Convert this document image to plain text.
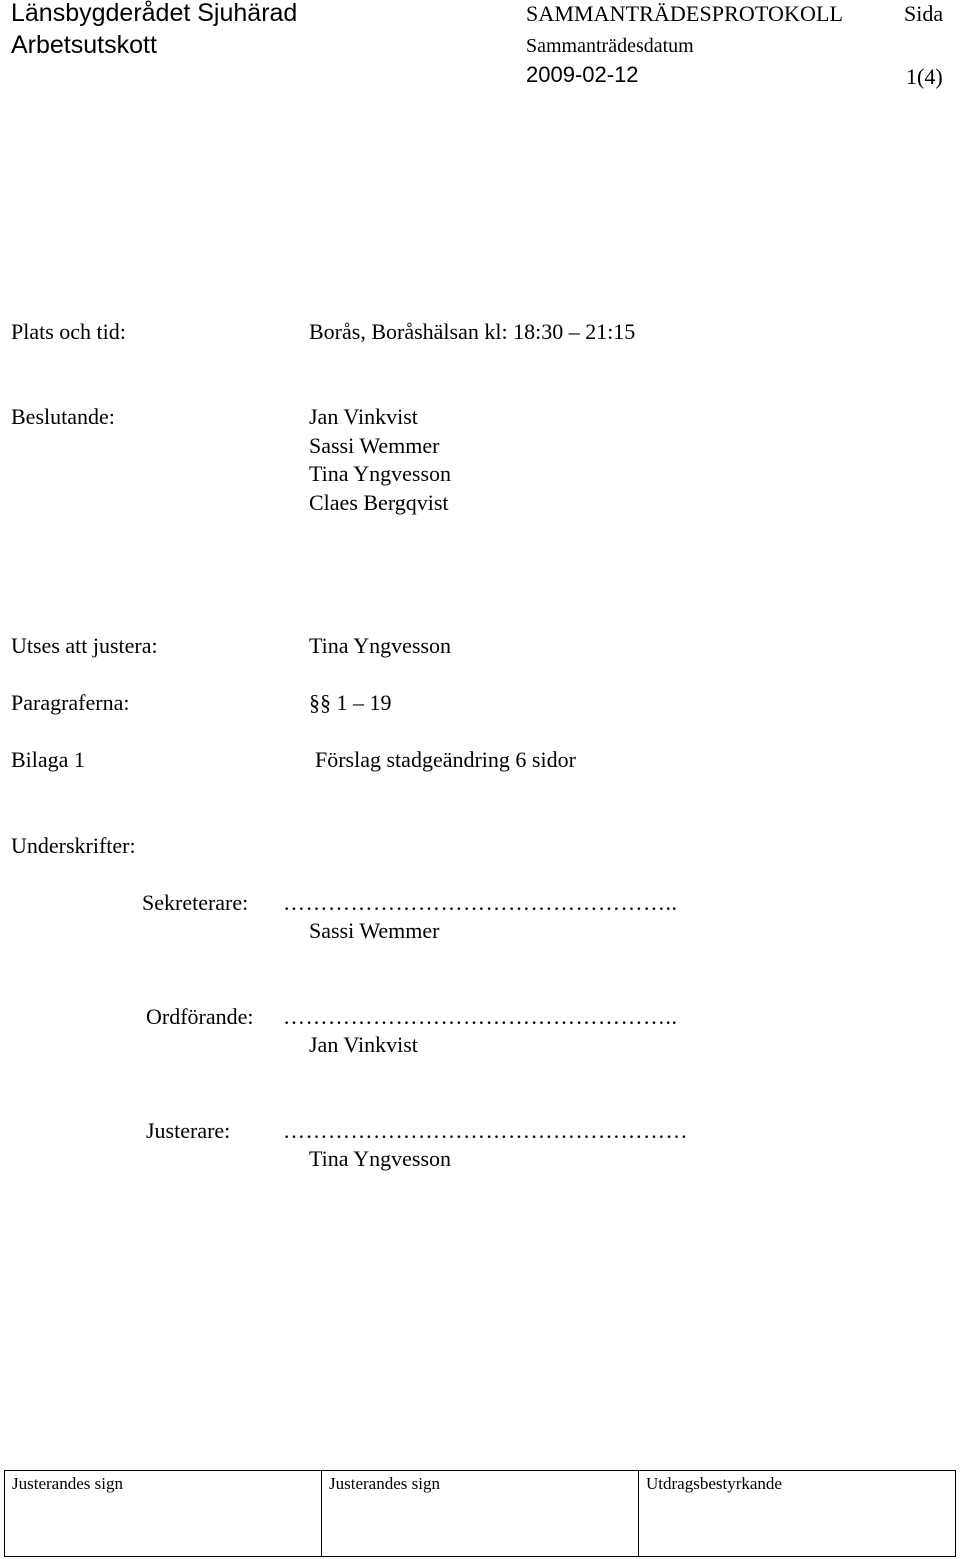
Länsbygderådet Sjuhärad
Arbetsutskott
SAMMANTRÄDESPROTOKOLL	Sida
Sammanträdesdatum
2009-02-12	1(4)
Plats och tid:	Borås, Boråshälsan kl: 18:30 – 21:15
Beslutande:	Jan Vinkvist
Sassi Wemmer
Tina Yngvesson
Claes Bergqvist
Utses att justera:	Tina Yngvesson
Paragraferna:	§§ 1 – 19
Bilaga 1	Förslag stadgeändring 6 sidor
Underskrifter:
Sekreterare: ……………………………………………..
Sassi Wemmer
Ordförande: ……………………………………………..
Jan Vinkvist
Justerare: ………………………………………………
Tina Yngvesson
Justerandes sign	Justerandes sign	Utdragsbestyrkande
